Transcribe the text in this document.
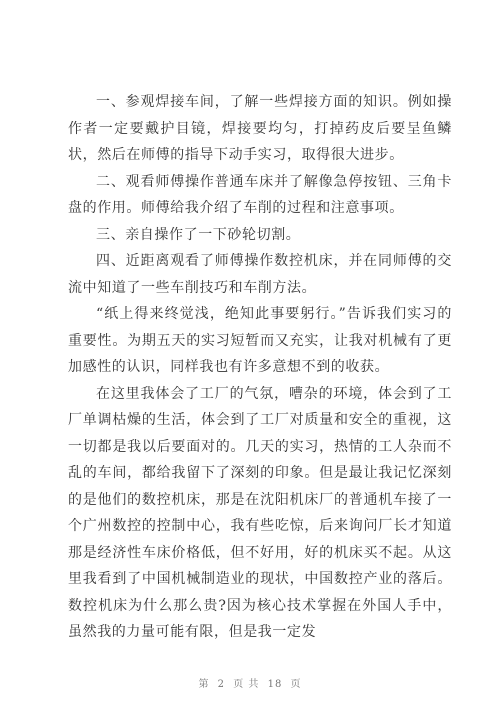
一、参观焊接车间，了解一些焊接方面的知识。例如操作者一定要戴护目镜，焊接要均匀，打掉药皮后要呈鱼鳞状，然后在师傅的指导下动手实习，取得很大进步。

二、观看师傅操作普通车床并了解像急停按钮、三角卡盘的作用。师傅给我介绍了车削的过程和注意事项。

三、亲自操作了一下砂轮切割。

四、近距离观看了师傅操作数控机床，并在同师傅的交流中知道了一些车削技巧和车削方法。

“纸上得来终觉浅，绝知此事要躬行。”告诉我们实习的重要性。为期五天的实习短暂而又充实，让我对机械有了更加感性的认识，同样我也有许多意想不到的收获。

在这里我体会了工厂的气氛，嘈杂的环境，体会到了工厂单调枯燥的生活，体会到了工厂对质量和安全的重视，这一切都是我以后要面对的。几天的实习，热情的工人杂而不乱的车间，都给我留下了深刻的印象。但是最让我记忆深刻的是他们的数控机床，那是在沈阳机床厂的普通机车接了一个广州数控的控制中心，我有些吃惊，后来询问厂长才知道那是经济性车床价格低，但不好用，好的机床买不起。从这里我看到了中国机械制造业的现状，中国数控产业的落后。数控机床为什么那么贵?因为核心技术掌握在外国人手中，虽然我的力量可能有限，但是我一定发

第 2 页 共 18 页
